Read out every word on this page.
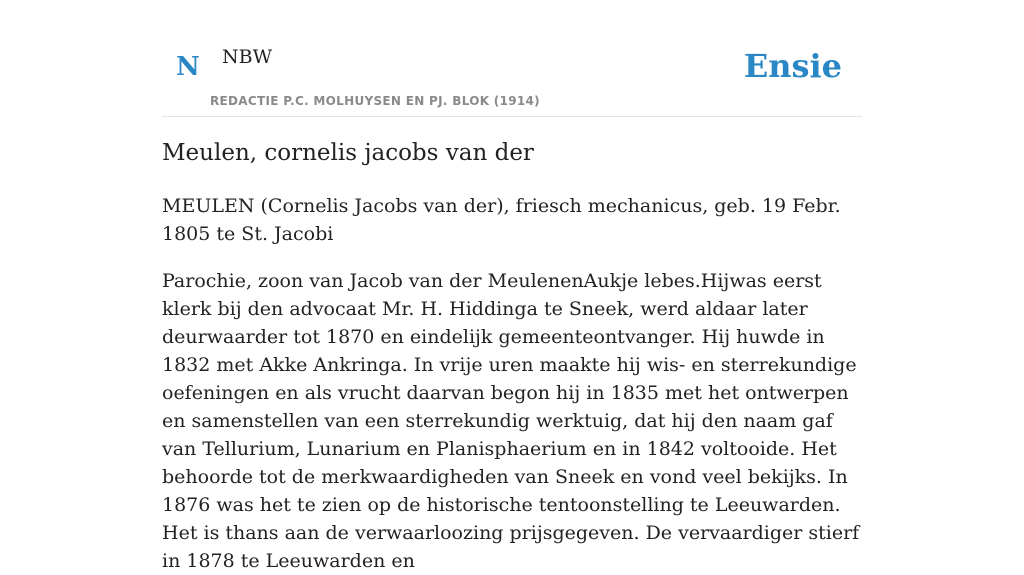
N NBW
REDACTIE P.C. MOLHUYSEN EN PJ. BLOK (1914)
Ensie
Meulen, cornelis jacobs van der

MEULEN (Cornelis Jacobs van der), friesch mechanicus, geb. 19 Febr. 1805 te St. Jacobi

Parochie, zoon van Jacob van der MeulenenAukje lebes.Hijwas eerst klerk bij den advocaat Mr. H. Hiddinga te Sneek, werd aldaar later deurwaarder tot 1870 en eindelijk gemeenteontvanger. Hij huwde in 1832 met Akke Ankringa. In vrije uren maakte hij wis- en sterrekundige oefeningen en als vrucht daarvan begon hij in 1835 met het ontwerpen en samenstellen van een sterrekundig werktuig, dat hij den naam gaf van Tellurium, Lunarium en Planisphaerium en in 1842 voltooide. Het behoorde tot de merkwaardigheden van Sneek en vond veel bekijks. In 1876 was het te zien op de historische tentoonstelling te Leeuwarden. Het is thans aan de verwaarloozing prijsgegeven. De vervaardiger stierf in 1878 te Leeuwarden en
